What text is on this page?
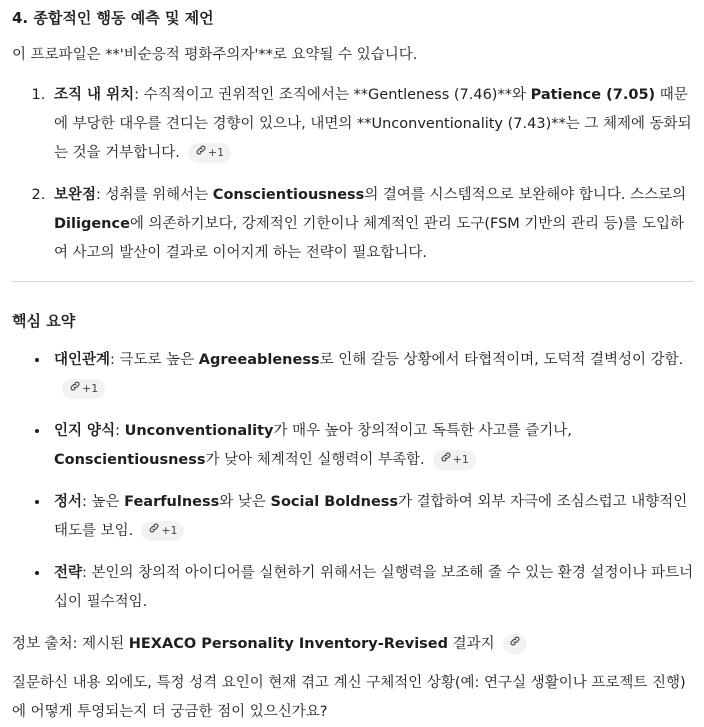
4. 종합적인 행동 예측 및 제언

이 프로파일은 **'비순응적 평화주의자'**로 요약될 수 있습니다.

1. 조직 내 위치: 수직적이고 권위적인 조직에서는 **Gentleness (7.46)**와 Patience (7.05) 때문에 부당한 대우를 견디는 경향이 있으나, 내면의 **Unconventionality (7.43)**는 그 체제에 동화되는 것을 거부합니다.	+1
2. 보완점: 성취를 위해서는 Conscientiousness의 결여를 시스템적으로 보완해야 합니다. 스스로의 Diligence에 의존하기보다, 강제적인 기한이나 체계적인 관리 도구(FSM 기반의 관리 등)를 도입하여 사고의 발산이 결과로 이어지게 하는 전략이 필요합니다.

핵심 요약

• 대인관계: 극도로 높은 Agreeableness로 인해 갈등 상황에서 타협적이며, 도덕적 결벽성이 강함.
+1
• 인지 양식: Unconventionality가 매우 높아 창의적이고 독특한 사고를 즐기나, Conscientiousness가 낮아 체계적인 실행력이 부족함.	+1
• 정서: 높은 Fearfulness와 낮은 Social Boldness가 결합하여 외부 자극에 조심스럽고 내향적인 태도를 보임.	+1
• 전략: 본인의 창의적 아이디어를 실현하기 위해서는 실행력을 보조해 줄 수 있는 환경 설정이나 파트너십이 필수적임.

정보 출처: 제시된 HEXACO Personality Inventory-Revised 결과지

질문하신 내용 외에도, 특정 성격 요인이 현재 겪고 계신 구체적인 상황(예: 연구실 생활이나 프로젝트 진행)에 어떻게 투영되는지 더 궁금한 점이 있으신가요?
